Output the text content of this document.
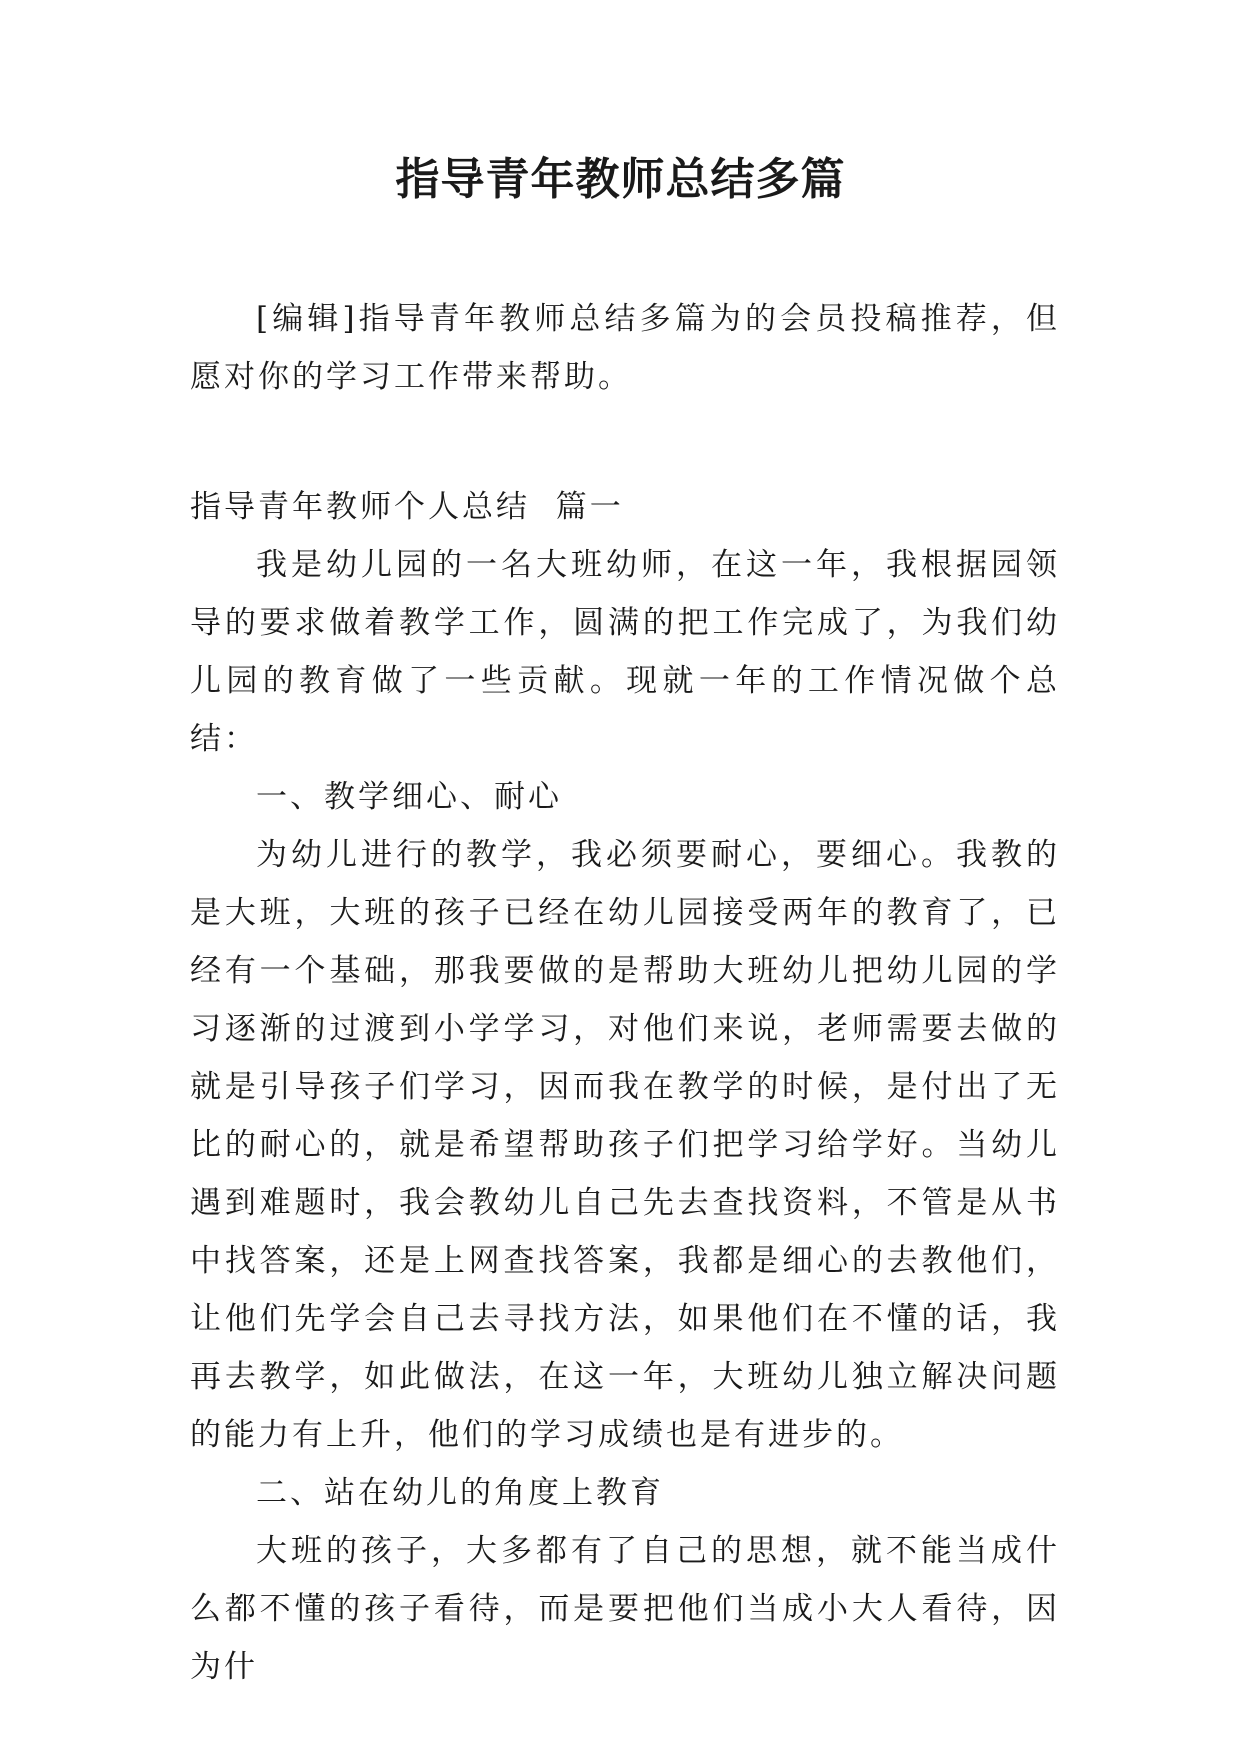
指导青年教师总结多篇

[编辑]指导青年教师总结多篇为的会员投稿推荐，但愿对你的学习工作带来帮助。

指导青年教师个人总结  篇一

我是幼儿园的一名大班幼师，在这一年，我根据园领导的要求做着教学工作，圆满的把工作完成了，为我们幼儿园的教育做了一些贡献。现就一年的工作情况做个总结：

一、教学细心、耐心

为幼儿进行的教学，我必须要耐心，要细心。我教的是大班，大班的孩子已经在幼儿园接受两年的教育了，已经有一个基础，那我要做的是帮助大班幼儿把幼儿园的学习逐渐的过渡到小学学习，对他们来说，老师需要去做的就是引导孩子们学习，因而我在教学的时候，是付出了无比的耐心的，就是希望帮助孩子们把学习给学好。当幼儿遇到难题时，我会教幼儿自己先去查找资料，不管是从书中找答案，还是上网查找答案，我都是细心的去教他们，让他们先学会自己去寻找方法，如果他们在不懂的话，我再去教学，如此做法，在这一年，大班幼儿独立解决问题的能力有上升，他们的学习成绩也是有进步的。

二、站在幼儿的角度上教育

大班的孩子，大多都有了自己的思想，就不能当成什么都不懂的孩子看待，而是要把他们当成小大人看待，因为什
